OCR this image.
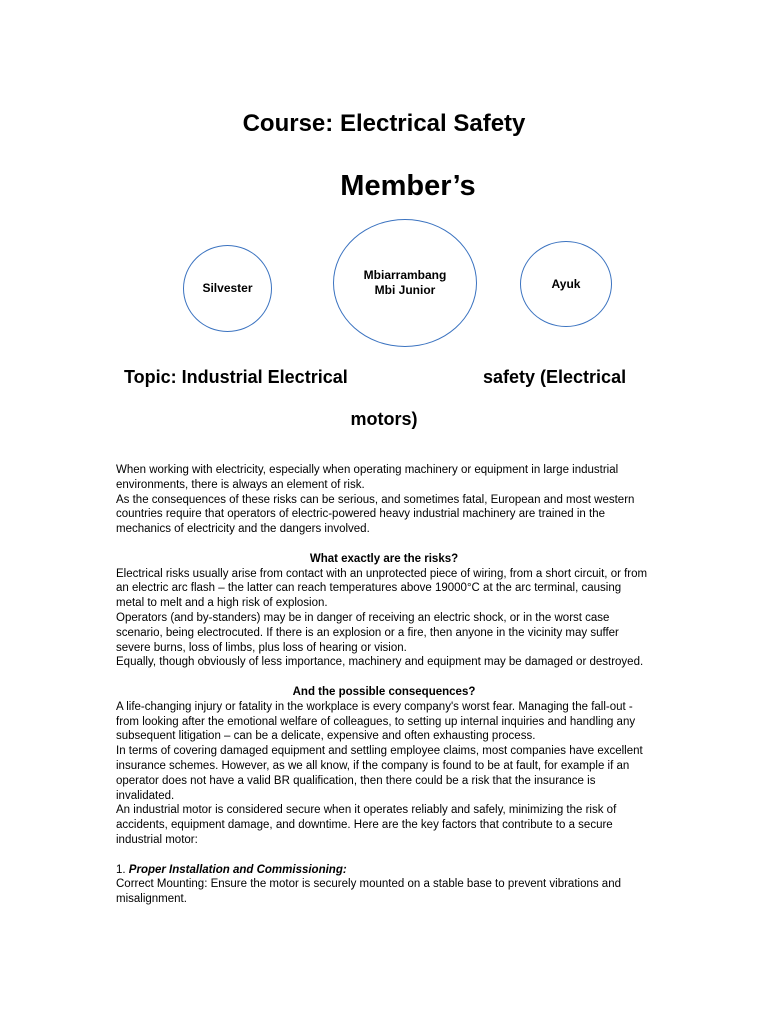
Course: Electrical Safety
Member’s
Silvester
Mbiarrambang
Mbi Junior	Ayuk
Topic: Industrial Electrical	safety (Electrical
motors)

When working with electricity, especially when operating machinery or equipment in large industrial environments, there is always an element of risk.

As the consequences of these risks can be serious, and sometimes fatal, European and most western countries require that operators of electric-powered heavy industrial machinery are trained in the mechanics of electricity and the dangers involved.

What exactly are the risks?

Electrical risks usually arise from contact with an unprotected piece of wiring, from a short circuit, or from an electric arc flash – the latter can reach temperatures above 19000°C at the arc terminal, causing metal to melt and a high risk of explosion.

Operators (and by-standers) may be in danger of receiving an electric shock, or in the worst case scenario, being electrocuted. If there is an explosion or a fire, then anyone in the vicinity may suffer severe burns, loss of limbs, plus loss of hearing or vision.

Equally, though obviously of less importance, machinery and equipment may be damaged or destroyed.

And the possible consequences?

A life-changing injury or fatality in the workplace is every company's worst fear. Managing the fall-out - from looking after the emotional welfare of colleagues, to setting up internal inquiries and handling any subsequent litigation – can be a delicate, expensive and often exhausting process.

In terms of covering damaged equipment and settling employee claims, most companies have excellent insurance schemes. However, as we all know, if the company is found to be at fault, for example if an operator does not have a valid BR qualification, then there could be a risk that the insurance is invalidated.

An industrial motor is considered secure when it operates reliably and safely, minimizing the risk of accidents, equipment damage, and downtime. Here are the key factors that contribute to a secure industrial motor:

1. Proper Installation and Commissioning:

Correct Mounting: Ensure the motor is securely mounted on a stable base to prevent vibrations and misalignment.
